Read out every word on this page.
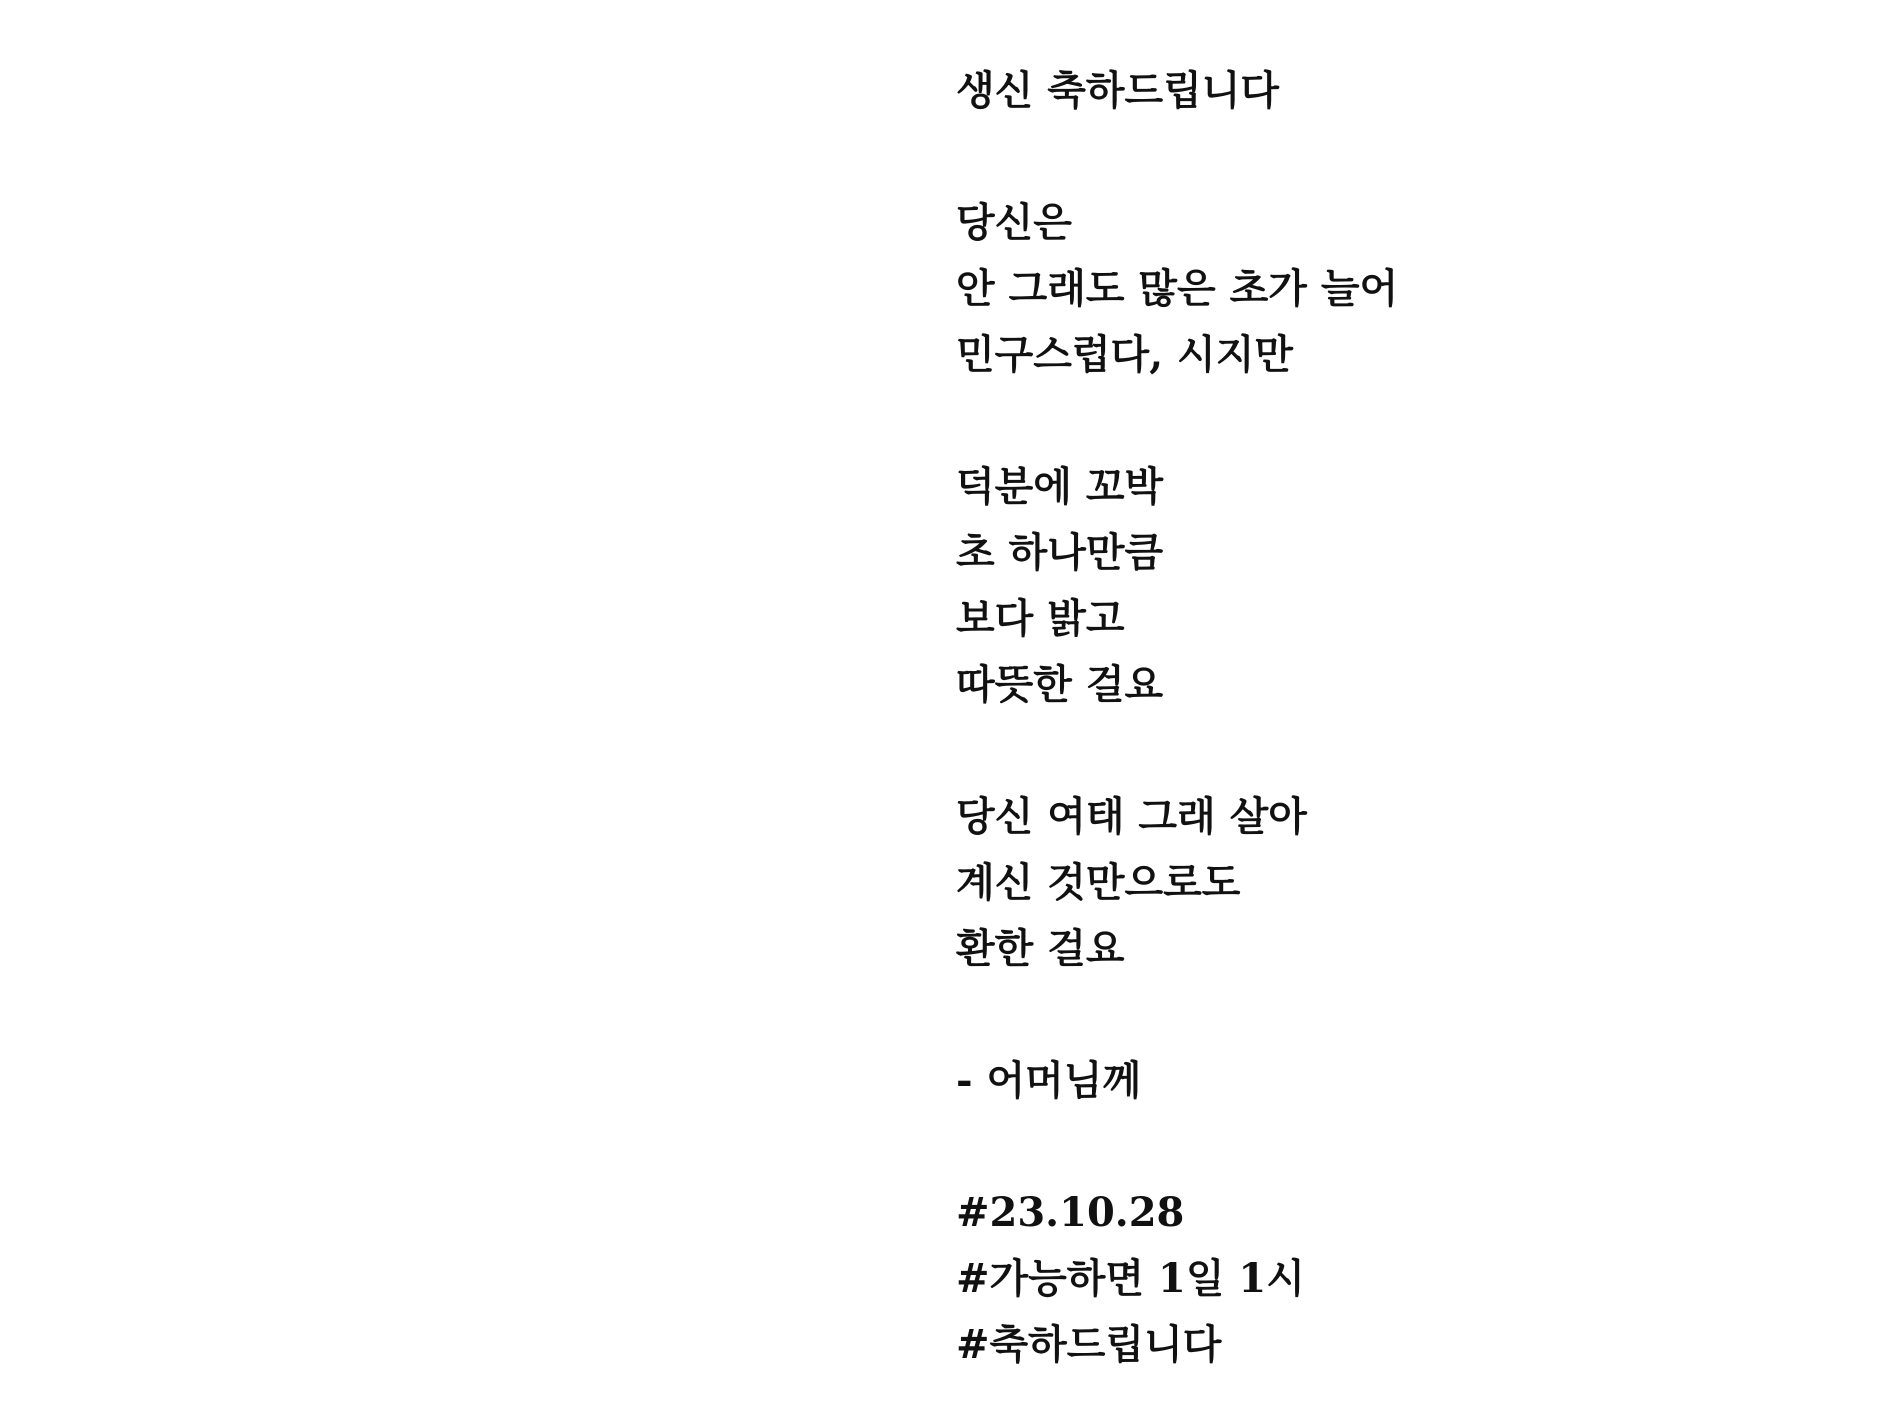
생신 축하드립니다
당신은
안 그래도 많은 초가 늘어
민구스럽다, 시지만
덕분에 꼬박
초 하나만큼
보다 밝고
따뜻한 걸요
당신 여태 그래 살아
계신 것만으로도
환한 걸요
- 어머님께
#23.10.28
#가능하면 1일 1시
#축하드립니다
